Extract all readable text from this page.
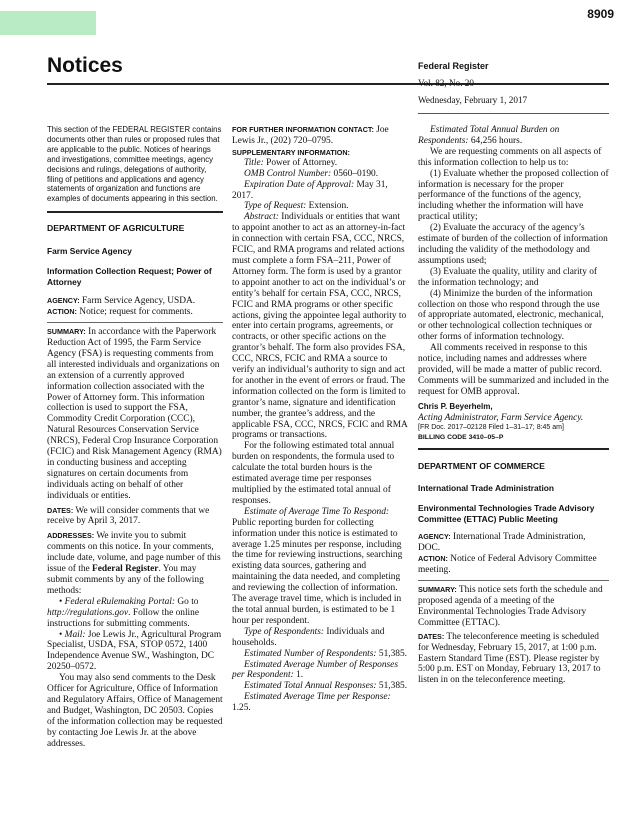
8909
Notices	Federal Register
Vol. 82, No. 20
Wednesday, February 1, 2017

This section of the FEDERAL REGISTER contains documents other than rules or proposed rules that are applicable to the public. Notices of hearings and investigations, committee meetings, agency decisions and rulings, delegations of authority, filing of petitions and applications and agency statements of organization and functions are examples of documents appearing in this section.

DEPARTMENT OF AGRICULTURE

Farm Service Agency

Information Collection Request; Power of Attorney

AGENCY: Farm Service Agency, USDA.

ACTION: Notice; request for comments.

SUMMARY: In accordance with the Paperwork Reduction Act of 1995, the Farm Service Agency (FSA) is requesting comments from all interested individuals and organizations on an extension of a currently approved information collection associated with the Power of Attorney form. This information collection is used to support the FSA, Commodity Credit Corporation (CCC), Natural Resources Conservation Service (NRCS), Federal Crop Insurance Corporation (FCIC) and Risk Management Agency (RMA) in conducting business and accepting signatures on certain documents from individuals acting on behalf of other individuals or entities.

DATES: We will consider comments that we receive by April 3, 2017.

ADDRESSES: We invite you to submit comments on this notice. In your comments, include date, volume, and page number of this issue of the Federal Register. You may submit comments by any of the following methods:

• Federal eRulemaking Portal: Go to http://regulations.gov. Follow the online instructions for submitting comments.

• Mail: Joe Lewis Jr., Agricultural Program Specialist, USDA, FSA, STOP 0572, 1400 Independence Avenue SW., Washington, DC 20250–0572.

You may also send comments to the Desk Officer for Agriculture, Office of Information and Regulatory Affairs, Office of Management and Budget, Washington, DC 20503. Copies of the information collection may be requested by contacting Joe Lewis Jr. at the above addresses.

FOR FURTHER INFORMATION CONTACT: Joe Lewis Jr., (202) 720–0795.

SUPPLEMENTARY INFORMATION:

Title: Power of Attorney.

OMB Control Number: 0560–0190.

Expiration Date of Approval: May 31, 2017.

Type of Request: Extension.

Abstract: Individuals or entities that want to appoint another to act as an attorney-in-fact in connection with certain FSA, CCC, NRCS, FCIC, and RMA programs and related actions must complete a form FSA–211, Power of Attorney form. The form is used by a grantor to appoint another to act on the individual’s or entity’s behalf for certain FSA, CCC, NRCS, FCIC and RMA programs or other specific actions, giving the appointee legal authority to enter into certain programs, agreements, or contracts, or other specific actions on the grantor’s behalf. The form also provides FSA, CCC, NRCS, FCIC and RMA a source to verify an individual’s authority to sign and act for another in the event of errors or fraud. The information collected on the form is limited to grantor’s name, signature and identification number, the grantee’s address, and the applicable FSA, CCC, NRCS, FCIC and RMA programs or transactions.

For the following estimated total annual burden on respondents, the formula used to calculate the total burden hours is the estimated average time per responses multiplied by the estimated total annual of responses.

Estimate of Average Time To Respond: Public reporting burden for collecting information under this notice is estimated to average 1.25 minutes per response, including the time for reviewing instructions, searching existing data sources, gathering and maintaining the data needed, and completing and reviewing the collection of information. The average travel time, which is included in the total annual burden, is estimated to be 1 hour per respondent.

Type of Respondents: Individuals and households.

Estimated Number of Respondents: 51,385.

Estimated Average Number of Responses per Respondent: 1.

Estimated Total Annual Responses: 51,385.

Estimated Average Time per Response: 1.25.

Estimated Total Annual Burden on Respondents: 64,256 hours.

We are requesting comments on all aspects of this information collection to help us to:

(1) Evaluate whether the proposed collection of information is necessary for the proper performance of the functions of the agency, including whether the information will have practical utility;

(2) Evaluate the accuracy of the agency’s estimate of burden of the collection of information including the validity of the methodology and assumptions used;

(3) Evaluate the quality, utility and clarity of the information technology; and

(4) Minimize the burden of the information collection on those who respond through the use of appropriate automated, electronic, mechanical, or other technological collection techniques or other forms of information technology.

All comments received in response to this notice, including names and addresses where provided, will be made a matter of public record. Comments will be summarized and included in the request for OMB approval.

Chris P. Beyerhelm,

Acting Administrator, Farm Service Agency.

[FR Doc. 2017–02128 Filed 1–31–17; 8:45 am]

BILLING CODE 3410–05–P

DEPARTMENT OF COMMERCE

International Trade Administration

Environmental Technologies Trade Advisory Committee (ETTAC) Public Meeting

AGENCY: International Trade Administration, DOC.

ACTION: Notice of Federal Advisory Committee meeting.

SUMMARY: This notice sets forth the schedule and proposed agenda of a meeting of the Environmental Technologies Trade Advisory Committee (ETTAC).

DATES: The teleconference meeting is scheduled for Wednesday, February 15, 2017, at 1:00 p.m. Eastern Standard Time (EST). Please register by 5:00 p.m. EST on Monday, February 13, 2017 to listen in on the teleconference meeting.
